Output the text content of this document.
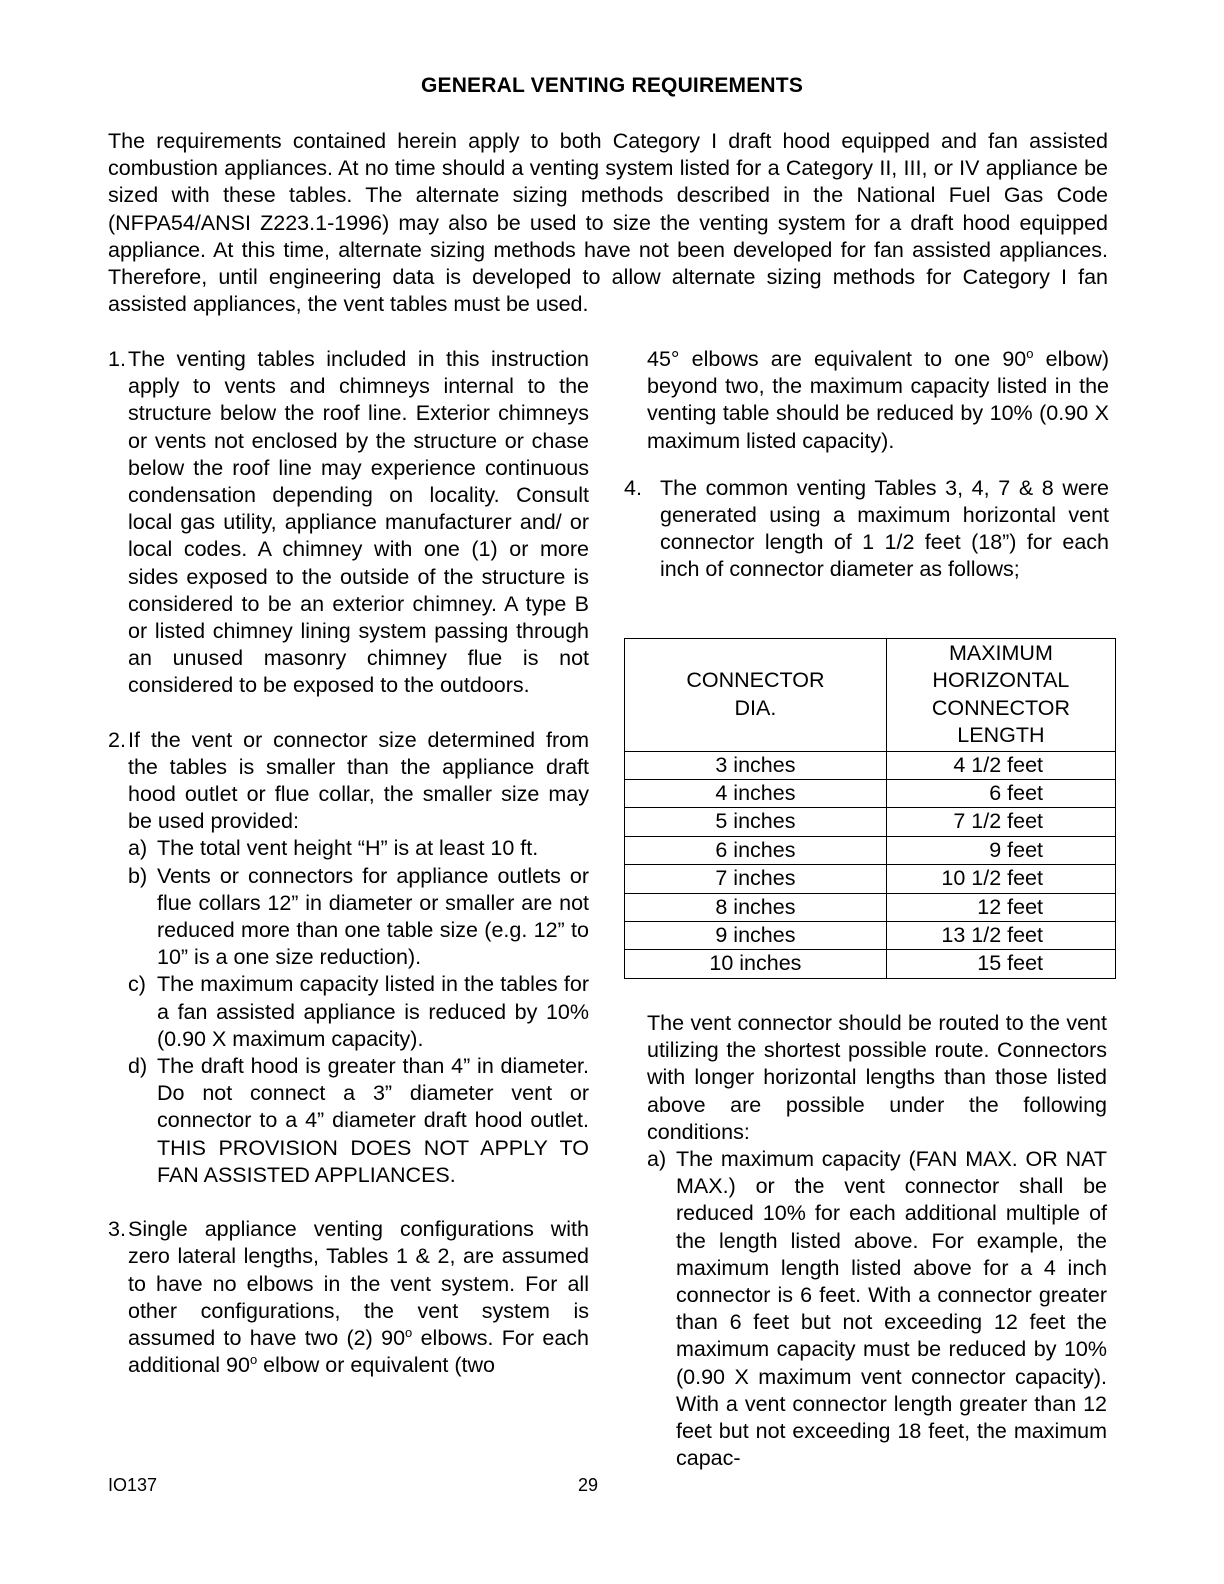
GENERAL VENTING REQUIREMENTS
The requirements contained herein apply to both Category I draft hood equipped and fan assisted combustion appliances. At no time should a venting system listed for a Category II, III, or IV appliance be sized with these tables. The alternate sizing methods described in the National Fuel Gas Code (NFPA54/ANSI Z223.1-1996) may also be used to size the venting system for a draft hood equipped appliance. At this time, alternate sizing methods have not been developed for fan assisted appliances. Therefore, until engineering data is developed to allow alternate sizing methods for Category I fan assisted appliances, the vent tables must be used.
1. The venting tables included in this instruction apply to vents and chimneys internal to the structure below the roof line. Exterior chimneys or vents not enclosed by the structure or chase below the roof line may experience continuous condensation depending on locality. Consult local gas utility, appliance manufacturer and/ or local codes. A chimney with one (1) or more sides exposed to the outside of the structure is considered to be an exterior chimney. A type B or listed chimney lining system passing through an unused masonry chimney flue is not considered to be exposed to the outdoors.
2. If the vent or connector size determined from the tables is smaller than the appliance draft hood outlet or flue collar, the smaller size may be used provided:
a) The total vent height “H” is at least 10 ft.
b) Vents or connectors for appliance outlets or flue collars 12” in diameter or smaller are not reduced more than one table size (e.g. 12” to 10” is a one size reduction).
c) The maximum capacity listed in the tables for a fan assisted appliance is reduced by 10% (0.90 X maximum capacity).
d) The draft hood is greater than 4” in diameter. Do not connect a 3” diameter vent or connector to a 4” diameter draft hood outlet. THIS PROVISION DOES NOT APPLY TO FAN ASSISTED APPLIANCES.
3. Single appliance venting configurations with zero lateral lengths, Tables 1 & 2, are assumed to have no elbows in the vent system. For all other configurations, the vent system is assumed to have two (2) 90$^o$ elbows. For each additional 90$^o$ elbow or equivalent (two
45° elbows are equivalent to one 90$^o$ elbow) beyond two, the maximum capacity listed in the venting table should be reduced by 10% (0.90 X maximum listed capacity).
4. The common venting Tables 3, 4, 7 & 8 were generated using a maximum horizontal vent connector length of 1 1/2 feet (18”) for each inch of connector diameter as follows;
CONNECTOR DIA.	MAXIMUM HORIZONTAL CONNECTOR LENGTH
3 inches	4 1/2 feet
4 inches	6 feet
5 inches	7 1/2 feet
6 inches	9 feet
7 inches	10 1/2 feet
8 inches	12 feet
9 inches	13 1/2 feet
10 inches	15 feet
The vent connector should be routed to the vent utilizing the shortest possible route. Connectors with longer horizontal lengths than those listed above are possible under the following conditions:
a) The maximum capacity (FAN MAX. OR NAT MAX.) or the vent connector shall be reduced 10% for each additional multiple of the length listed above. For example, the maximum length listed above for a 4 inch connector is 6 feet. With a connector greater than 6 feet but not exceeding 12 feet the maximum capacity must be reduced by 10% (0.90 X maximum vent connector capacity). With a vent connector length greater than 12 feet but not exceeding 18 feet, the maximum capac-
IO137	29
